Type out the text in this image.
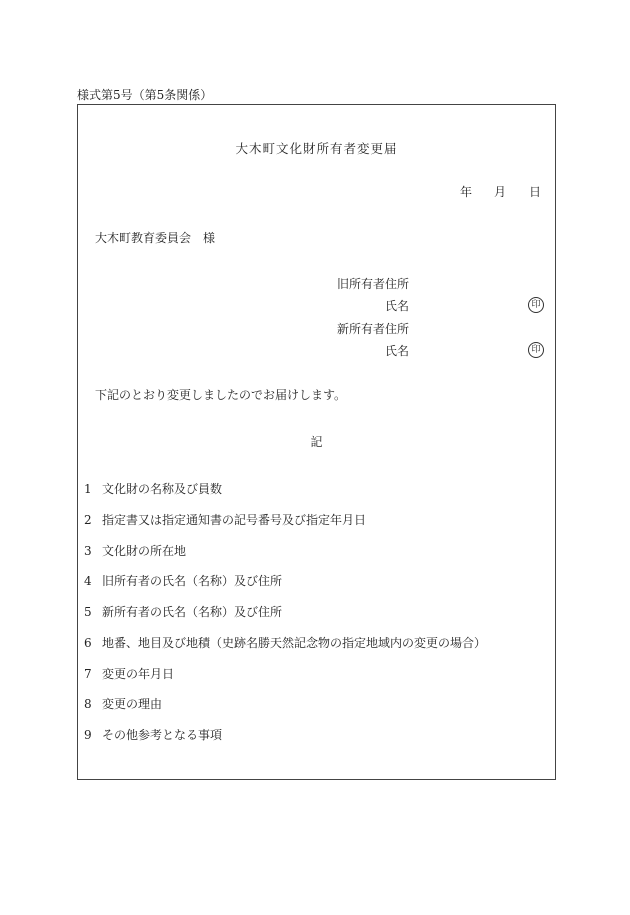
様式第5号（第5条関係）
大木町文化財所有者変更届
年 月 日
大木町教育委員会　様
旧所有者住所
氏名	印
新所有者住所
氏名	印
下記のとおり変更しましたのでお届けします。
記
1 文化財の名称及び員数
2 指定書又は指定通知書の記号番号及び指定年月日
3 文化財の所在地
4 旧所有者の氏名（名称）及び住所
5 新所有者の氏名（名称）及び住所
6 地番、地目及び地積（史跡名勝天然記念物の指定地域内の変更の場合）
7 変更の年月日
8 変更の理由
9 その他参考となる事項
